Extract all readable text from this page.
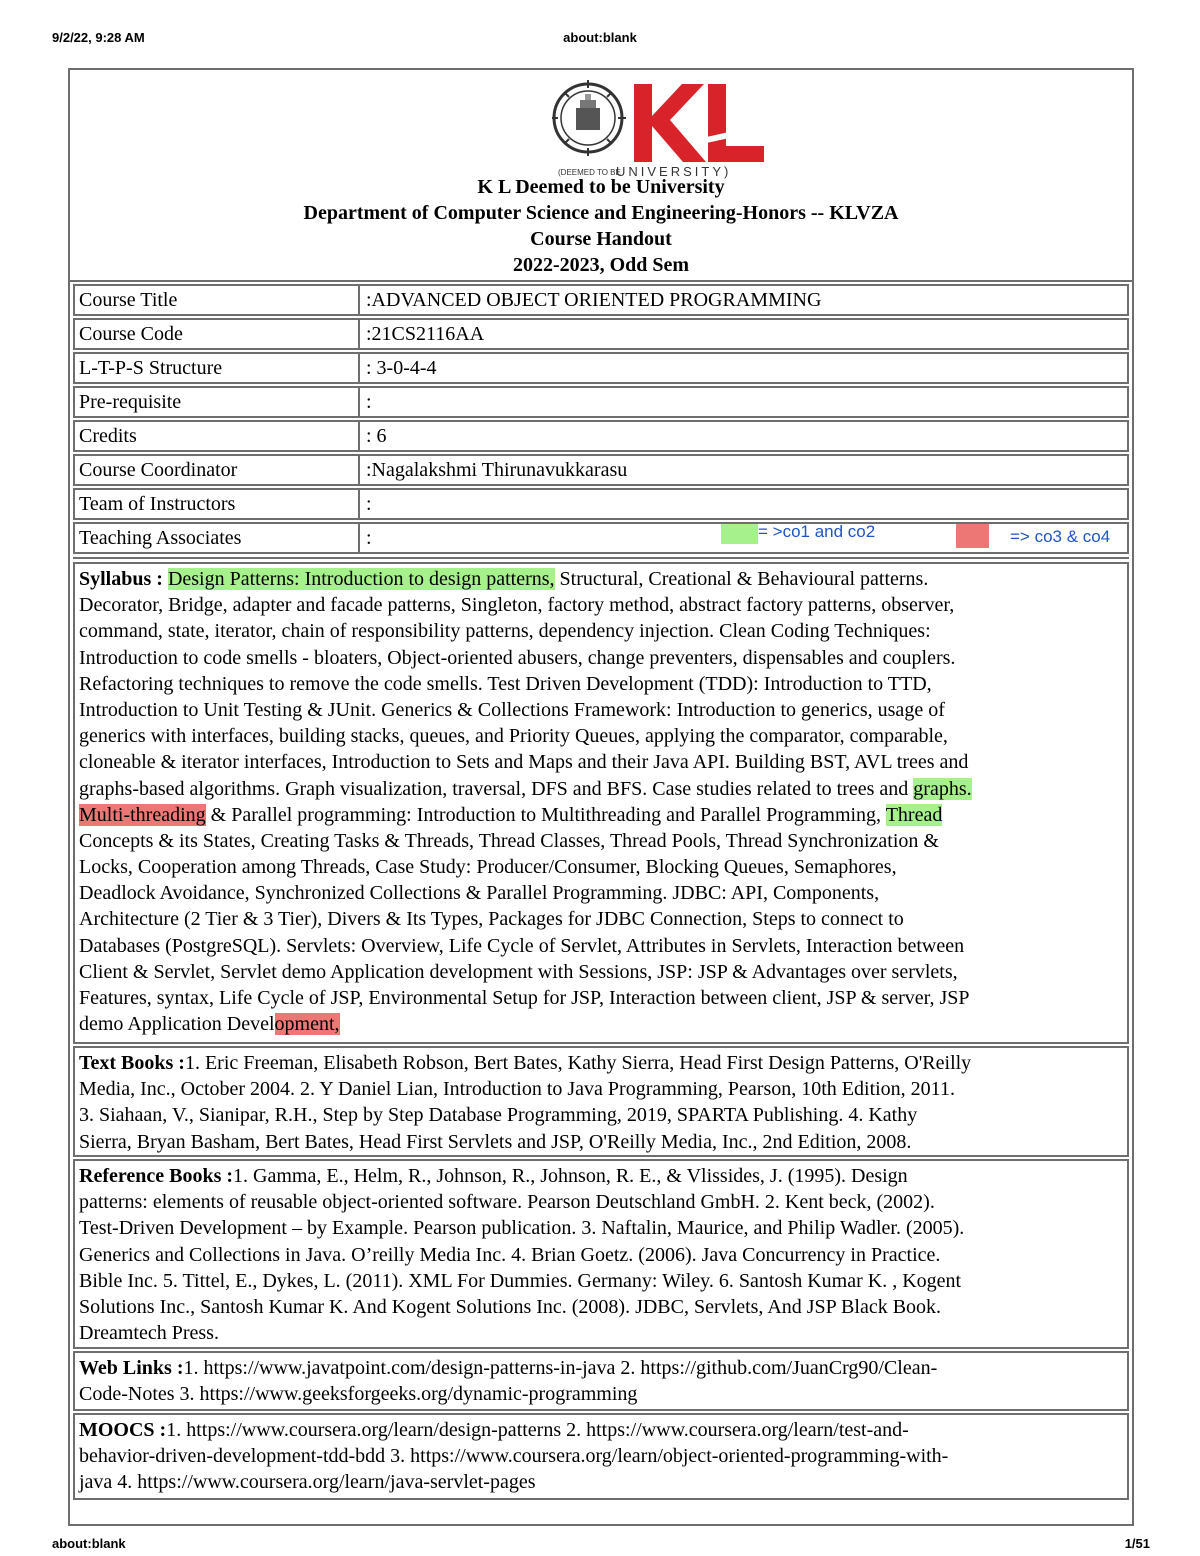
9/2/22, 9:28 AM	about:blank
(DEEMED TO BE
UNIVERSITY)
K L Deemed to be University
Department of Computer Science and Engineering-Honors -- KLVZA
Course Handout
2022-2023, Odd Sem
Course Title	:ADVANCED OBJECT ORIENTED PROGRAMMING
Course Code	:21CS2116AA
L-T-P-S Structure	: 3-0-4-4
Pre-requisite	:
Credits	: 6
Course Coordinator	:Nagalakshmi Thirunavukkarasu
Team of Instructors	:
Teaching Associates	:	= >co1 and co2	=> co3 & co4
Syllabus : Design Patterns: Introduction to design patterns, Structural, Creational & Behavioural patterns.
Decorator, Bridge, adapter and facade patterns, Singleton, factory method, abstract factory patterns, observer,
command, state, iterator, chain of responsibility patterns, dependency injection. Clean Coding Techniques:
Introduction to code smells - bloaters, Object-oriented abusers, change preventers, dispensables and couplers.
Refactoring techniques to remove the code smells. Test Driven Development (TDD): Introduction to TTD,
Introduction to Unit Testing & JUnit. Generics & Collections Framework: Introduction to generics, usage of
generics with interfaces, building stacks, queues, and Priority Queues, applying the comparator, comparable,
cloneable & iterator interfaces, Introduction to Sets and Maps and their Java API. Building BST, AVL trees and
graphs-based algorithms. Graph visualization, traversal, DFS and BFS. Case studies related to trees and graphs.
Multi-threading & Parallel programming: Introduction to Multithreading and Parallel Programming, Thread
Concepts & its States, Creating Tasks & Threads, Thread Classes, Thread Pools, Thread Synchronization &
Locks, Cooperation among Threads, Case Study: Producer/Consumer, Blocking Queues, Semaphores,
Deadlock Avoidance, Synchronized Collections & Parallel Programming. JDBC: API, Components,
Architecture (2 Tier & 3 Tier), Divers & Its Types, Packages for JDBC Connection, Steps to connect to
Databases (PostgreSQL). Servlets: Overview, Life Cycle of Servlet, Attributes in Servlets, Interaction between
Client & Servlet, Servlet demo Application development with Sessions, JSP: JSP & Advantages over servlets,
Features, syntax, Life Cycle of JSP, Environmental Setup for JSP, Interaction between client, JSP & server, JSP
demo Application Development,
Text Books :1. Eric Freeman, Elisabeth Robson, Bert Bates, Kathy Sierra, Head First Design Patterns, O'Reilly
Media, Inc., October 2004. 2. Y Daniel Lian, Introduction to Java Programming, Pearson, 10th Edition, 2011.
3. Siahaan, V., Sianipar, R.H., Step by Step Database Programming, 2019, SPARTA Publishing. 4. Kathy
Sierra, Bryan Basham, Bert Bates, Head First Servlets and JSP, O'Reilly Media, Inc., 2nd Edition, 2008.
Reference Books :1. Gamma, E., Helm, R., Johnson, R., Johnson, R. E., & Vlissides, J. (1995). Design
patterns: elements of reusable object-oriented software. Pearson Deutschland GmbH. 2. Kent beck, (2002).
Test-Driven Development – by Example. Pearson publication. 3. Naftalin, Maurice, and Philip Wadler. (2005).
Generics and Collections in Java. O’reilly Media Inc. 4. Brian Goetz. (2006). Java Concurrency in Practice.
Bible Inc. 5. Tittel, E., Dykes, L. (2011). XML For Dummies. Germany: Wiley. 6. Santosh Kumar K. , Kogent
Solutions Inc., Santosh Kumar K. And Kogent Solutions Inc. (2008). JDBC, Servlets, And JSP Black Book.
Dreamtech Press.
Web Links :1. https://www.javatpoint.com/design-patterns-in-java 2. https://github.com/JuanCrg90/Clean-
Code-Notes 3. https://www.geeksforgeeks.org/dynamic-programming
MOOCS :1. https://www.coursera.org/learn/design-patterns 2. https://www.coursera.org/learn/test-and-
behavior-driven-development-tdd-bdd 3. https://www.coursera.org/learn/object-oriented-programming-with-
java 4. https://www.coursera.org/learn/java-servlet-pages
about:blank	1/51
